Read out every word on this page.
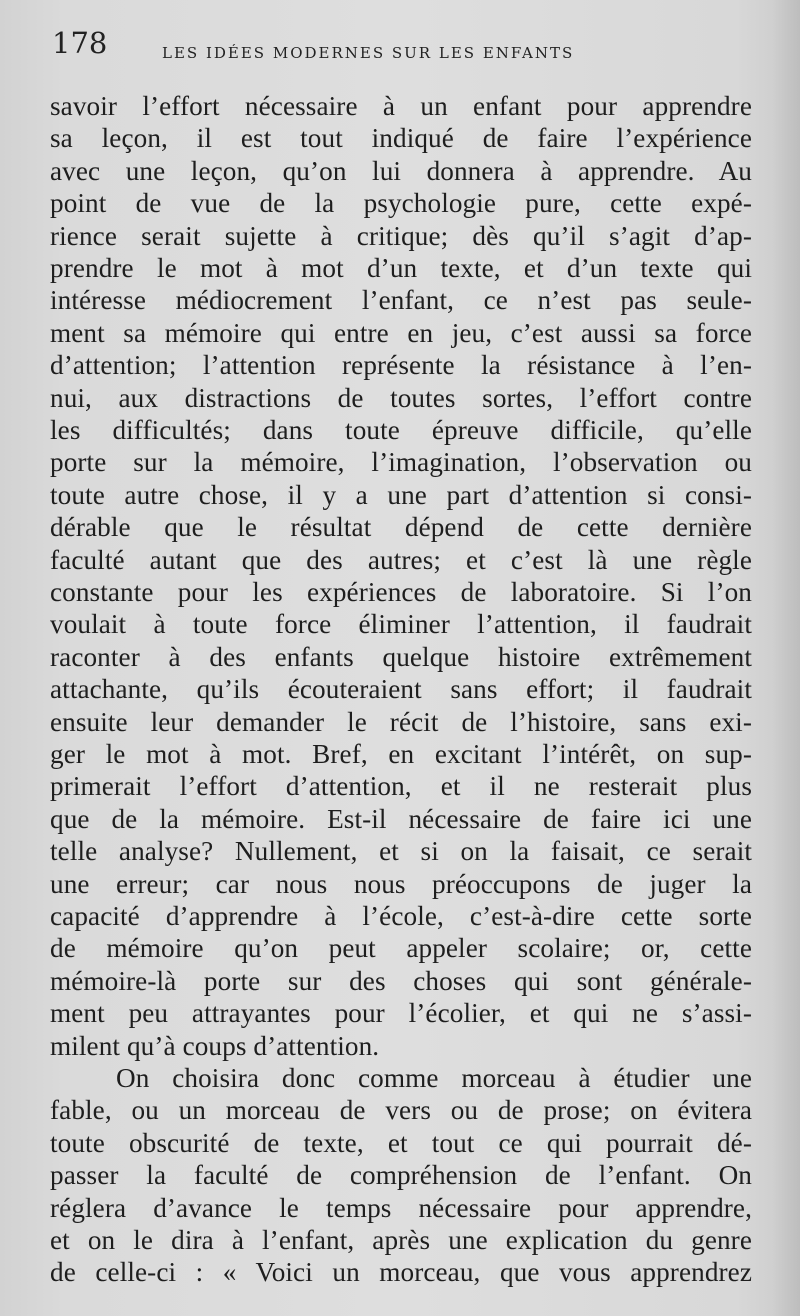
178	LES IDÉES MODERNES SUR LES ENFANTS
savoir l’effort nécessaire à un enfant pour apprendre
sa leçon, il est tout indiqué de faire l’expérience
avec une leçon, qu’on lui donnera à apprendre. Au
point de vue de la psychologie pure, cette expé-
rience serait sujette à critique; dès qu’il s’agit d’ap-
prendre le mot à mot d’un texte, et d’un texte qui
intéresse médiocrement l’enfant, ce n’est pas seule-
ment sa mémoire qui entre en jeu, c’est aussi sa force
d’attention; l’attention représente la résistance à l’en-
nui, aux distractions de toutes sortes, l’effort contre
les difficultés; dans toute épreuve difficile, qu’elle
porte sur la mémoire, l’imagination, l’observation ou
toute autre chose, il y a une part d’attention si consi-
dérable que le résultat dépend de cette dernière
faculté autant que des autres; et c’est là une règle
constante pour les expériences de laboratoire. Si l’on
voulait à toute force éliminer l’attention, il faudrait
raconter à des enfants quelque histoire extrêmement
attachante, qu’ils écouteraient sans effort; il faudrait
ensuite leur demander le récit de l’histoire, sans exi-
ger le mot à mot. Bref, en excitant l’intérêt, on sup-
primerait l’effort d’attention, et il ne resterait plus
que de la mémoire. Est-il nécessaire de faire ici une
telle analyse? Nullement, et si on la faisait, ce serait
une erreur; car nous nous préoccupons de juger la
capacité d’apprendre à l’école, c’est-à-dire cette sorte
de mémoire qu’on peut appeler scolaire; or, cette
mémoire-là porte sur des choses qui sont générale-
ment peu attrayantes pour l’écolier, et qui ne s’assi-
milent qu’à coups d’attention.
On choisira donc comme morceau à étudier une
fable, ou un morceau de vers ou de prose; on évitera
toute obscurité de texte, et tout ce qui pourrait dé-
passer la faculté de compréhension de l’enfant. On
réglera d’avance le temps nécessaire pour apprendre,
et on le dira à l’enfant, après une explication du genre
de celle-ci : « Voici un morceau, que vous apprendrez
